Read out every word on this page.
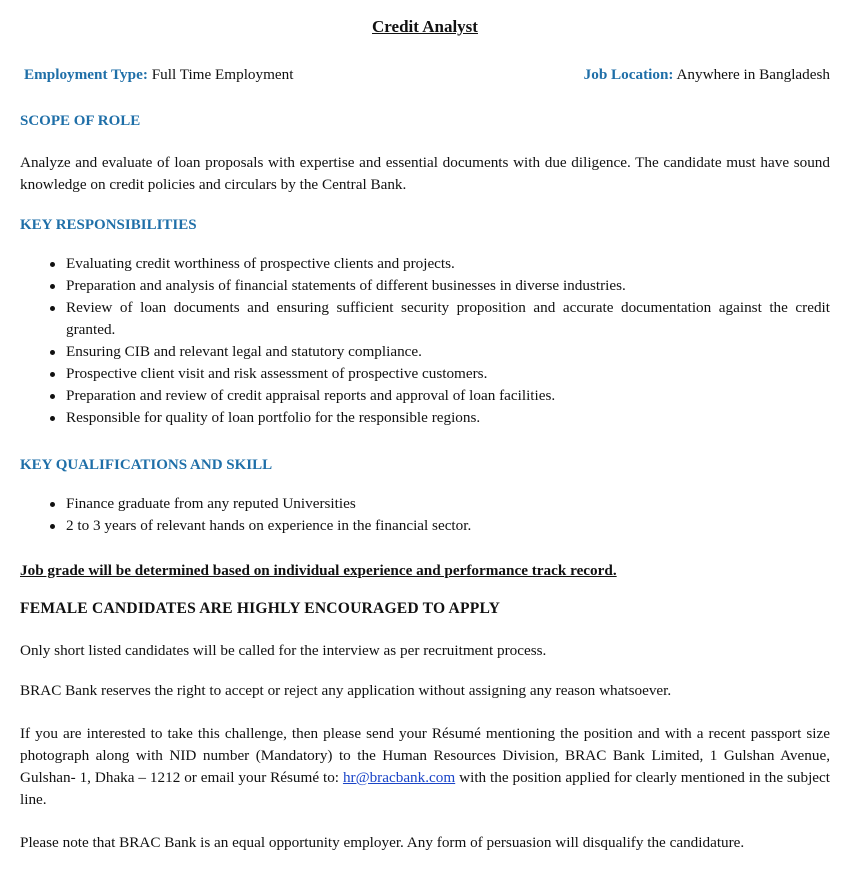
Credit Analyst
Employment Type: Full Time Employment	Job Location: Anywhere in Bangladesh
SCOPE OF ROLE
Analyze and evaluate of loan proposals with expertise and essential documents with due diligence. The candidate must have sound knowledge on credit policies and circulars by the Central Bank.
KEY RESPONSIBILITIES
Evaluating credit worthiness of prospective clients and projects.
Preparation and analysis of financial statements of different businesses in diverse industries.
Review of loan documents and ensuring sufficient security proposition and accurate documentation against the credit granted.
Ensuring CIB and relevant legal and statutory compliance.
Prospective client visit and risk assessment of prospective customers.
Preparation and review of credit appraisal reports and approval of loan facilities.
Responsible for quality of loan portfolio for the responsible regions.
KEY QUALIFICATIONS AND SKILL
Finance graduate from any reputed Universities
2 to 3 years of relevant hands on experience in the financial sector.
Job grade will be determined based on individual experience and performance track record.
FEMALE CANDIDATES ARE HIGHLY ENCOURAGED TO APPLY
Only short listed candidates will be called for the interview as per recruitment process.
BRAC Bank reserves the right to accept or reject any application without assigning any reason whatsoever.
If you are interested to take this challenge, then please send your Résumé mentioning the position and with a recent passport size photograph along with NID number (Mandatory) to the Human Resources Division, BRAC Bank Limited, 1 Gulshan Avenue, Gulshan- 1, Dhaka – 1212 or email your Résumé to: hr@bracbank.com with the position applied for clearly mentioned in the subject line.
Please note that BRAC Bank is an equal opportunity employer. Any form of persuasion will disqualify the candidature.
